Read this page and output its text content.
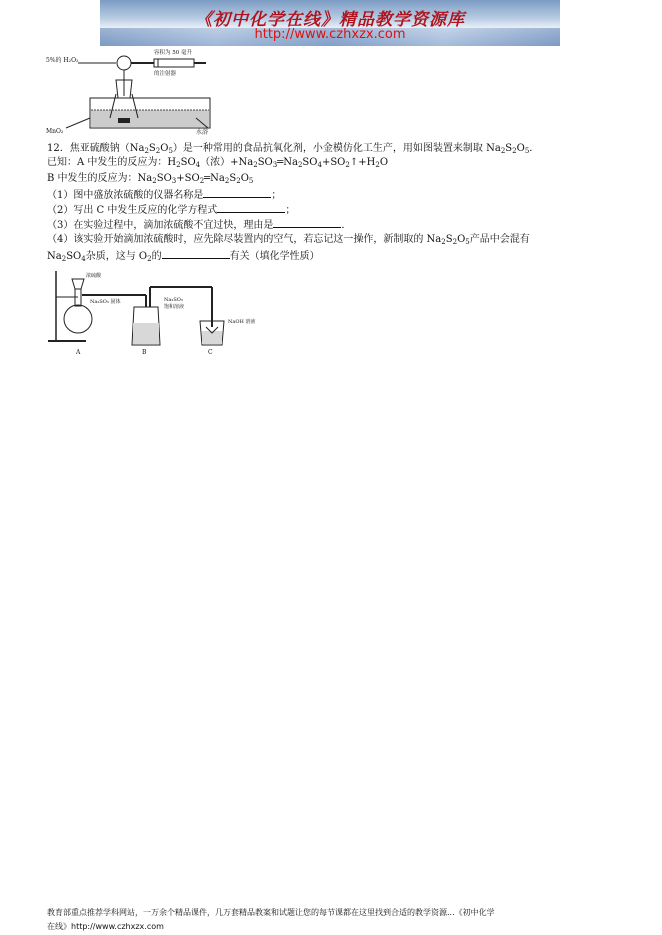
《初中化学在线》精品教学资源库
http://www.czhxzx.com
5%的 H₂O₂
容积为 50 毫升
的注射器
MnO₂	水浴
12．焦亚硫酸钠$(Na_2S_2O_5)$是一种常用的食品抗氧化剂，小金模仿化工生产，用如图装置来制取 $Na_2S_2O_5$．
已知：A 中发生的反应为：$H_2SO_4$（浓）$+Na_2SO_3═Na_2SO_4+SO_2↑+H_2O$
B 中发生的反应为：$Na_2SO_3+SO_2═Na_2S_2O_5$
（1）图中盛放浓硫酸的仪器名称是	；
（2）写出 C 中发生反应的化学方程式	；
（3）在实验过程中，滴加浓硫酸不宜过快，理由是	．
（4）该实验开始滴加浓硫酸时，应先除尽装置内的空气，若忘记这一操作，新制取的 $Na_2S_2O_5$产品中会混有
$Na_2SO_4$杂质，这与 $O_2$的	有关（填化学性质）
浓硫酸
Na₂SO₃ 固体	Na₂SO₃
饱和溶液
NaOH 溶液
A	B	C
教育部重点推荐学科网站，一万余个精品课件，几万套精品教案和试题让您的每节课都在这里找到合适的教学资源...《初中化学
在线》http://www.czhxzx.com
